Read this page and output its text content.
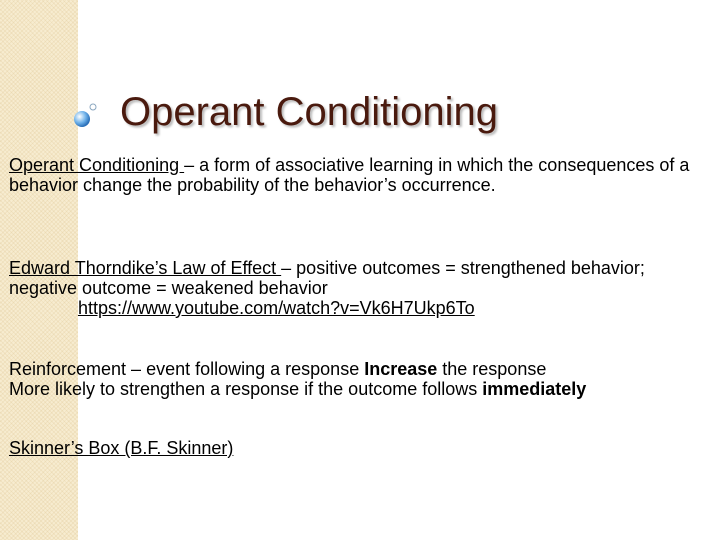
Operant Conditioning

Operant Conditioning – a form of associative learning in which the consequences of a behavior change the probability of the behavior’s occurrence.

Edward Thorndike’s Law of Effect – positive outcomes = strengthened behavior; negative outcome = weakened behavior
https://www.youtube.com/watch?v=Vk6H7Ukp6To

Reinforcement – event following a response Increase the response
More likely to strengthen a response if the outcome follows immediately

Skinner’s Box (B.F. Skinner)
